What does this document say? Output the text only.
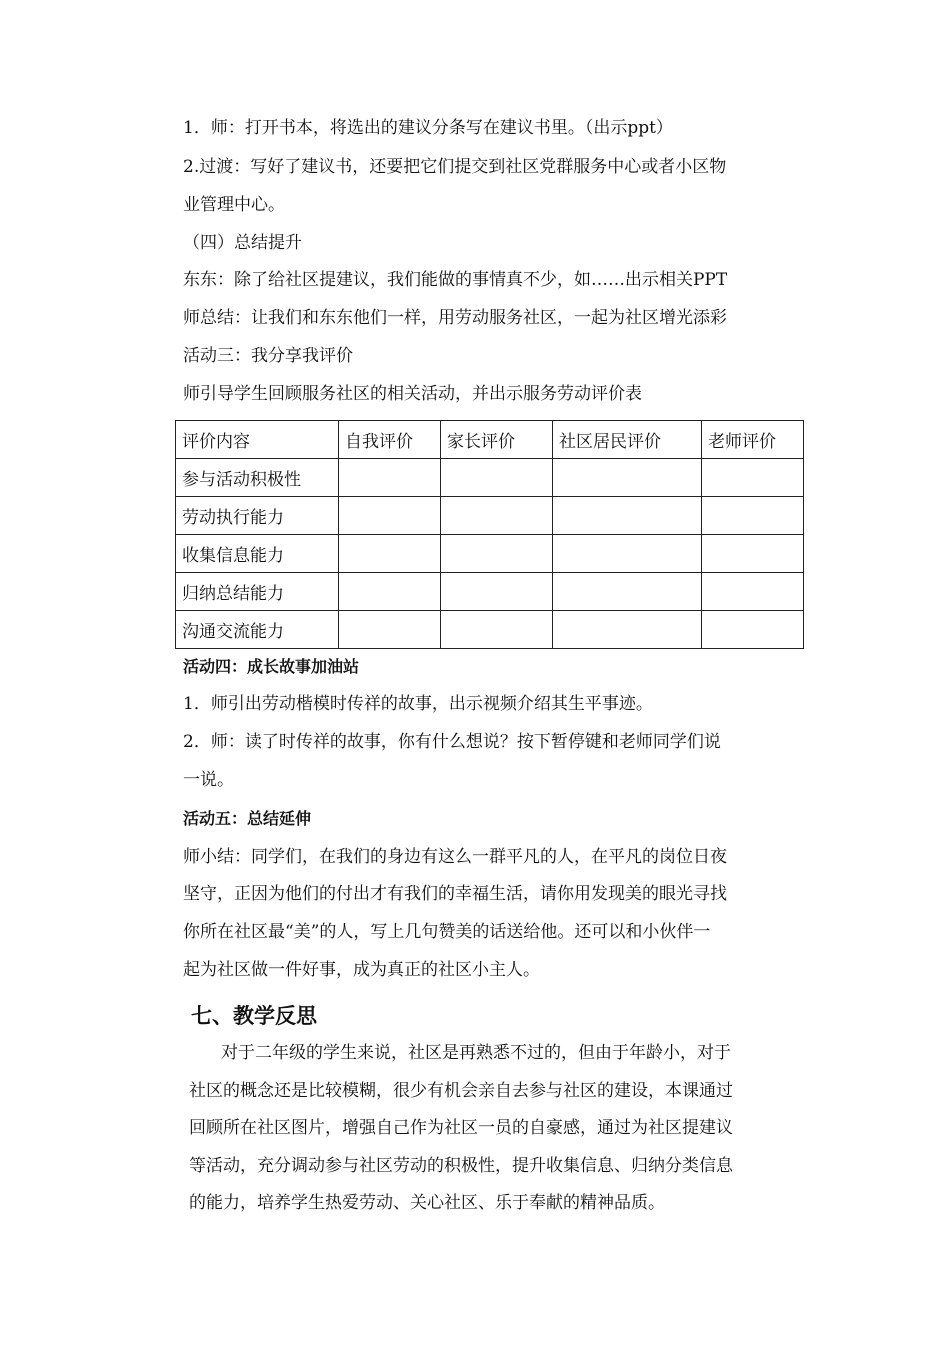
1．师：打开书本，将选出的建议分条写在建议书里。（出示ppt）
2.过渡：写好了建议书，还要把它们提交到社区党群服务中心或者小区物
业管理中心。
（四）总结提升
东东：除了给社区提建议，我们能做的事情真不少，如……出示相关PPT
师总结：让我们和东东他们一样，用劳动服务社区，一起为社区增光添彩
活动三：我分享我评价
师引导学生回顾服务社区的相关活动，并出示服务劳动评价表
活动四：成长故事加油站
1．师引出劳动楷模时传祥的故事，出示视频介绍其生平事迹。
2．师：读了时传祥的故事，你有什么想说？按下暂停键和老师同学们说
一说。
活动五：总结延伸
师小结：同学们，在我们的身边有这么一群平凡的人，在平凡的岗位日夜
坚守，正因为他们的付出才有我们的幸福生活，请你用发现美的眼光寻找
你所在社区最“美”的人，写上几句赞美的话送给他。还可以和小伙伴一
起为社区做一件好事，成为真正的社区小主人。
七、教学反思
对于二年级的学生来说，社区是再熟悉不过的，但由于年龄小，对于
社区的概念还是比较模糊，很少有机会亲自去参与社区的建设，本课通过
回顾所在社区图片，增强自己作为社区一员的自豪感，通过为社区提建议
等活动，充分调动参与社区劳动的积极性，提升收集信息、归纳分类信息
的能力，培养学生热爱劳动、关心社区、乐于奉献的精神品质。
评价内容	自我评价	家长评价	社区居民评价	老师评价
参与活动积极性				
劳动执行能力				
收集信息能力				
归纳总结能力				
沟通交流能力				
